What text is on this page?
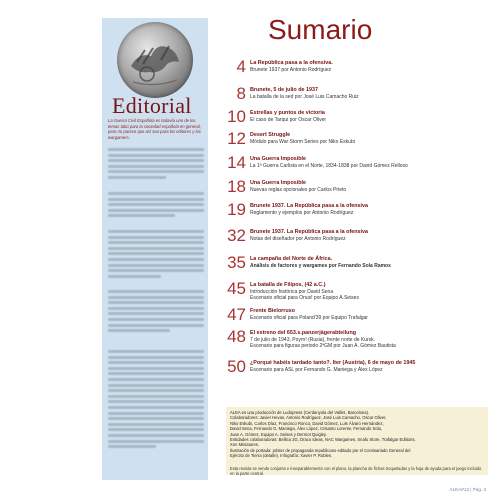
Editorial
La Guerra Civil Española es todavía uno de los temas tabú para la sociedad española en general, pero no parece que así sea para los editores y los wargamers.
Sumario
4 La República pasa a la ofensiva.
Brunete 1937 por Antonio Rodríguez
8 Brunete, 5 de julio de 1937
La batalla de la sed por José Luis Camacho Ruiz
10 Estrellas y puntos de victoria
El caso de Tarqui por Oscar Oliver
12 Desert Struggle
Módulo para War Storm Series por Niko Eskubi
14 Una Guerra Imposible
La 1ª Guerra Carlista en el Norte, 1834-1838 por David Gómez Relloso
18 Una Guerra Imposible
Nuevas reglas opcionales por Carlos Prieto
19 Brunete 1937. La República pasa a la ofensiva
Reglamento y ejemplos por Antonio Rodríguez
32 Brunete 1937. La República pasa a la ofensiva
Notas del diseñador por Antonio Rodríguez
35 La campaña del Norte de África.
Análisis de factores y wargames por Fernando Sola Ramos
45 La batalla de Filipos, (42 a.C.)
Introducción histórica por David Sena
Escenario oficial para Onus! por Equipo A.Seises
47 Frente Bielorruso
Escenario oficial para Poland'39 por Equipo Trafalgar
48 El estreno del 653.s.panzerjägerabteilung
7 de julio de 1943, Poyrn! (Rusia), frente norte de Kursk.
Escenario para figuras periodo 2ªGM por Juan A. Gómez Bautista
50 ¿Porqué habéis tardado tanto?. Iter (Austria), 6 de mayo de 1945
Escenario para ASL por Fernando G. Maniega y Álex López
ALEA es una producción de Ludopress (Cerdanyola del Vallès, Barcelona).
Colaboradores: Javier Hevas, Antonio Rodríguez, José Luis Camacho, Oscar Oliver,
Niko Eskubi, Carlos Díaz, Francisco Ronco, David Gómez, Luis Álvaro Hernández,
David Sena, Fernando G. Maniega, Álex López, Crisanto Lorente, Fernando Sola,
Juan A. Gómez, Equipo A. Seises y Dermot Quigley.
Entidades colaboradoras: Bellica 3G, Draco Ideas, NAC Wargames, Snafu Store, Trafalgar Editions,
Xon Miniatures.
Ilustración de portada: póster de propaganda republicano editado por el Comisariado General del
Ejército de Tierra (detalle). Infografía: Xavier P. Robles.
Esta revista se vende conjunta e inseparablemente con el plano, la plancha de fichas troqueladas y la hoja de ayuda para el juego incluido en la parte central.
ALEA#13 | Pág. 3
